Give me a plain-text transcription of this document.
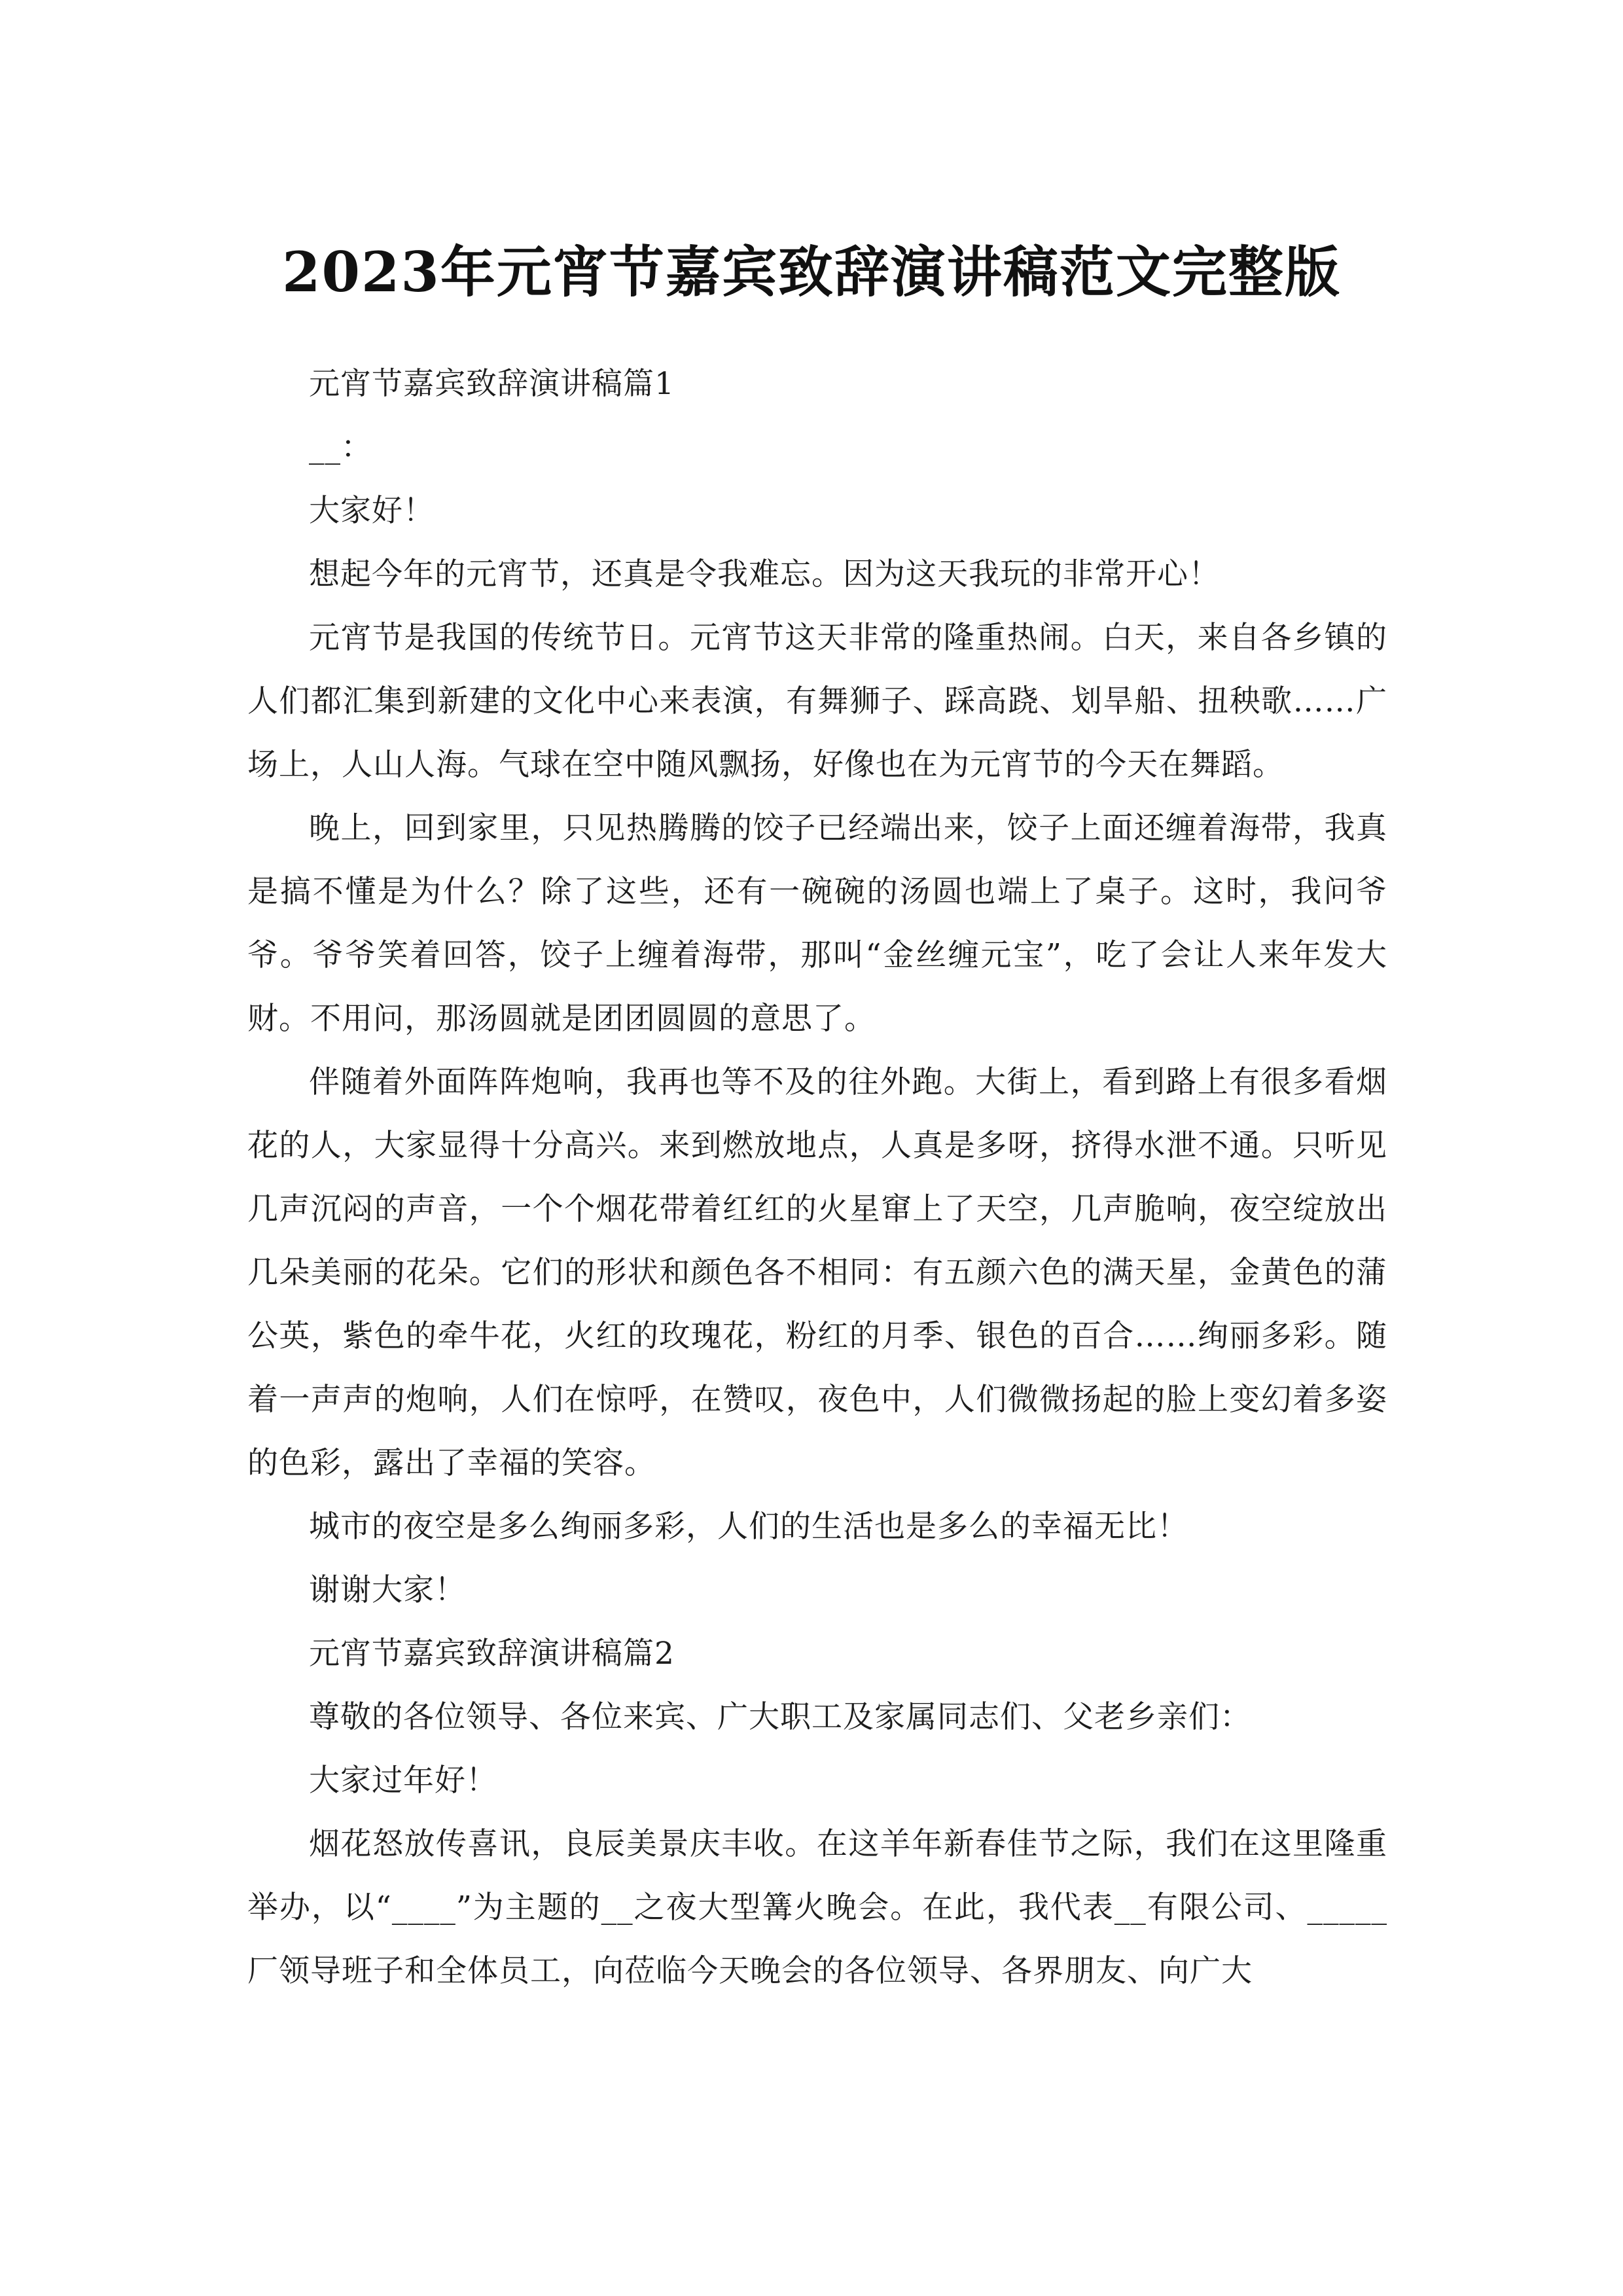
2023年元宵节嘉宾致辞演讲稿范文完整版

元宵节嘉宾致辞演讲稿篇1

__：

大家好！

想起今年的元宵节，还真是令我难忘。因为这天我玩的非常开心！

元宵节是我国的传统节日。元宵节这天非常的隆重热闹。白天，来自各乡镇的人们都汇集到新建的文化中心来表演，有舞狮子、踩高跷、划旱船、扭秧歌……广场上，人山人海。气球在空中随风飘扬，好像也在为元宵节的今天在舞蹈。

晚上，回到家里，只见热腾腾的饺子已经端出来，饺子上面还缠着海带，我真是搞不懂是为什么？除了这些，还有一碗碗的汤圆也端上了桌子。这时，我问爷爷。爷爷笑着回答，饺子上缠着海带，那叫“金丝缠元宝”，吃了会让人来年发大财。不用问，那汤圆就是团团圆圆的意思了。

伴随着外面阵阵炮响，我再也等不及的往外跑。大街上，看到路上有很多看烟花的人，大家显得十分高兴。来到燃放地点，人真是多呀，挤得水泄不通。只听见几声沉闷的声音，一个个烟花带着红红的火星窜上了天空，几声脆响，夜空绽放出几朵美丽的花朵。它们的形状和颜色各不相同：有五颜六色的满天星，金黄色的蒲公英，紫色的牵牛花，火红的玫瑰花，粉红的月季、银色的百合……绚丽多彩。随着一声声的炮响，人们在惊呼，在赞叹，夜色中，人们微微扬起的脸上变幻着多姿的色彩，露出了幸福的笑容。

城市的夜空是多么绚丽多彩，人们的生活也是多么的幸福无比！

谢谢大家！

元宵节嘉宾致辞演讲稿篇2

尊敬的各位领导、各位来宾、广大职工及家属同志们、父老乡亲们：

大家过年好！

烟花怒放传喜讯，良辰美景庆丰收。在这羊年新春佳节之际，我们在这里隆重举办，以“____”为主题的__之夜大型篝火晚会。在此，我代表__有限公司、_____厂领导班子和全体员工，向莅临今天晚会的各位领导、各界朋友、向广大
